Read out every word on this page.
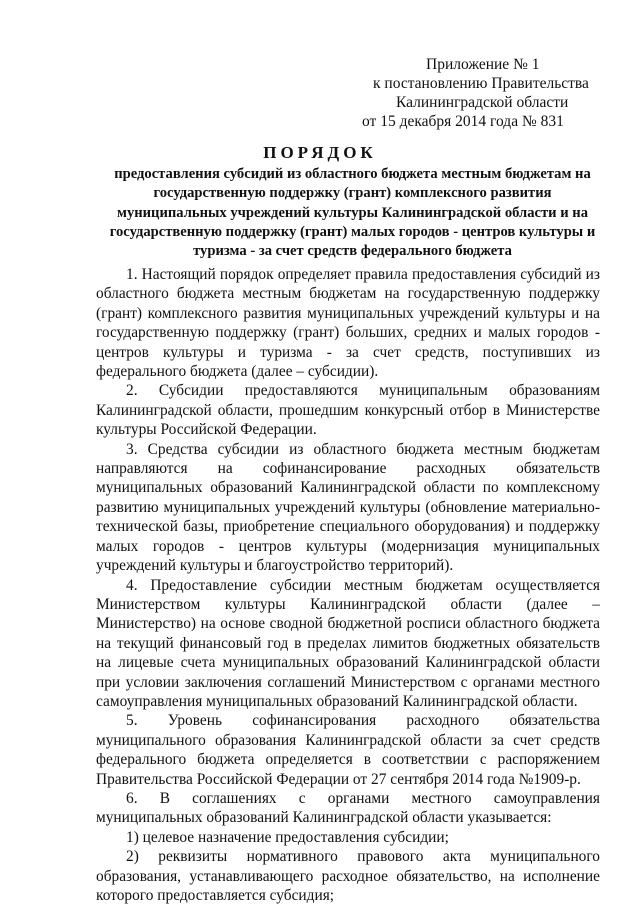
Приложение № 1
к постановлению Правительства
Калининградской области
от 15 декабря 2014 года № 831
ПОРЯДОК
предоставления субсидий из областного бюджета местным бюджетам на государственную поддержку (грант) комплексного развития муниципальных учреждений культуры Калининградской области и на государственную поддержку (грант) малых городов - центров культуры и туризма - за счет средств федерального бюджета

1. Настоящий порядок определяет правила предоставления субсидий из областного бюджета местным бюджетам на государственную поддержку (грант) комплексного развития муниципальных учреждений культуры и на государственную поддержку (грант) больших, средних и малых городов - центров культуры и туризма - за счет средств, поступивших из федерального бюджета (далее – субсидии).

2. Субсидии предоставляются муниципальным образованиям Калининградской области, прошедшим конкурсный отбор в Министерстве культуры Российской Федерации.

3. Средства субсидии из областного бюджета местным бюджетам направляются на софинансирование расходных обязательств муниципальных образований Калининградской области по комплексному развитию муниципальных учреждений культуры (обновление материально-технической базы, приобретение специального оборудования) и поддержку малых городов - центров культуры (модернизация муниципальных учреждений культуры и благоустройство территорий).

4. Предоставление субсидии местным бюджетам осуществляется Министерством культуры Калининградской области (далее – Министерство) на основе сводной бюджетной росписи областного бюджета на текущий финансовый год в пределах лимитов бюджетных обязательств на лицевые счета муниципальных образований Калининградской области при условии заключения соглашений Министерством с органами местного самоуправления муниципальных образований Калининградской области.

5. Уровень софинансирования расходного обязательства муниципального образования Калининградской области за счет средств федерального бюджета определяется в соответствии с распоряжением Правительства Российской Федерации от 27 сентября 2014 года №1909-р.

6. В соглашениях с органами местного самоуправления муниципальных образований Калининградской области указывается:

1) целевое назначение предоставления субсидии;

2) реквизиты нормативного правового акта муниципального образования, устанавливающего расходное обязательство, на исполнение которого предоставляется субсидия;
